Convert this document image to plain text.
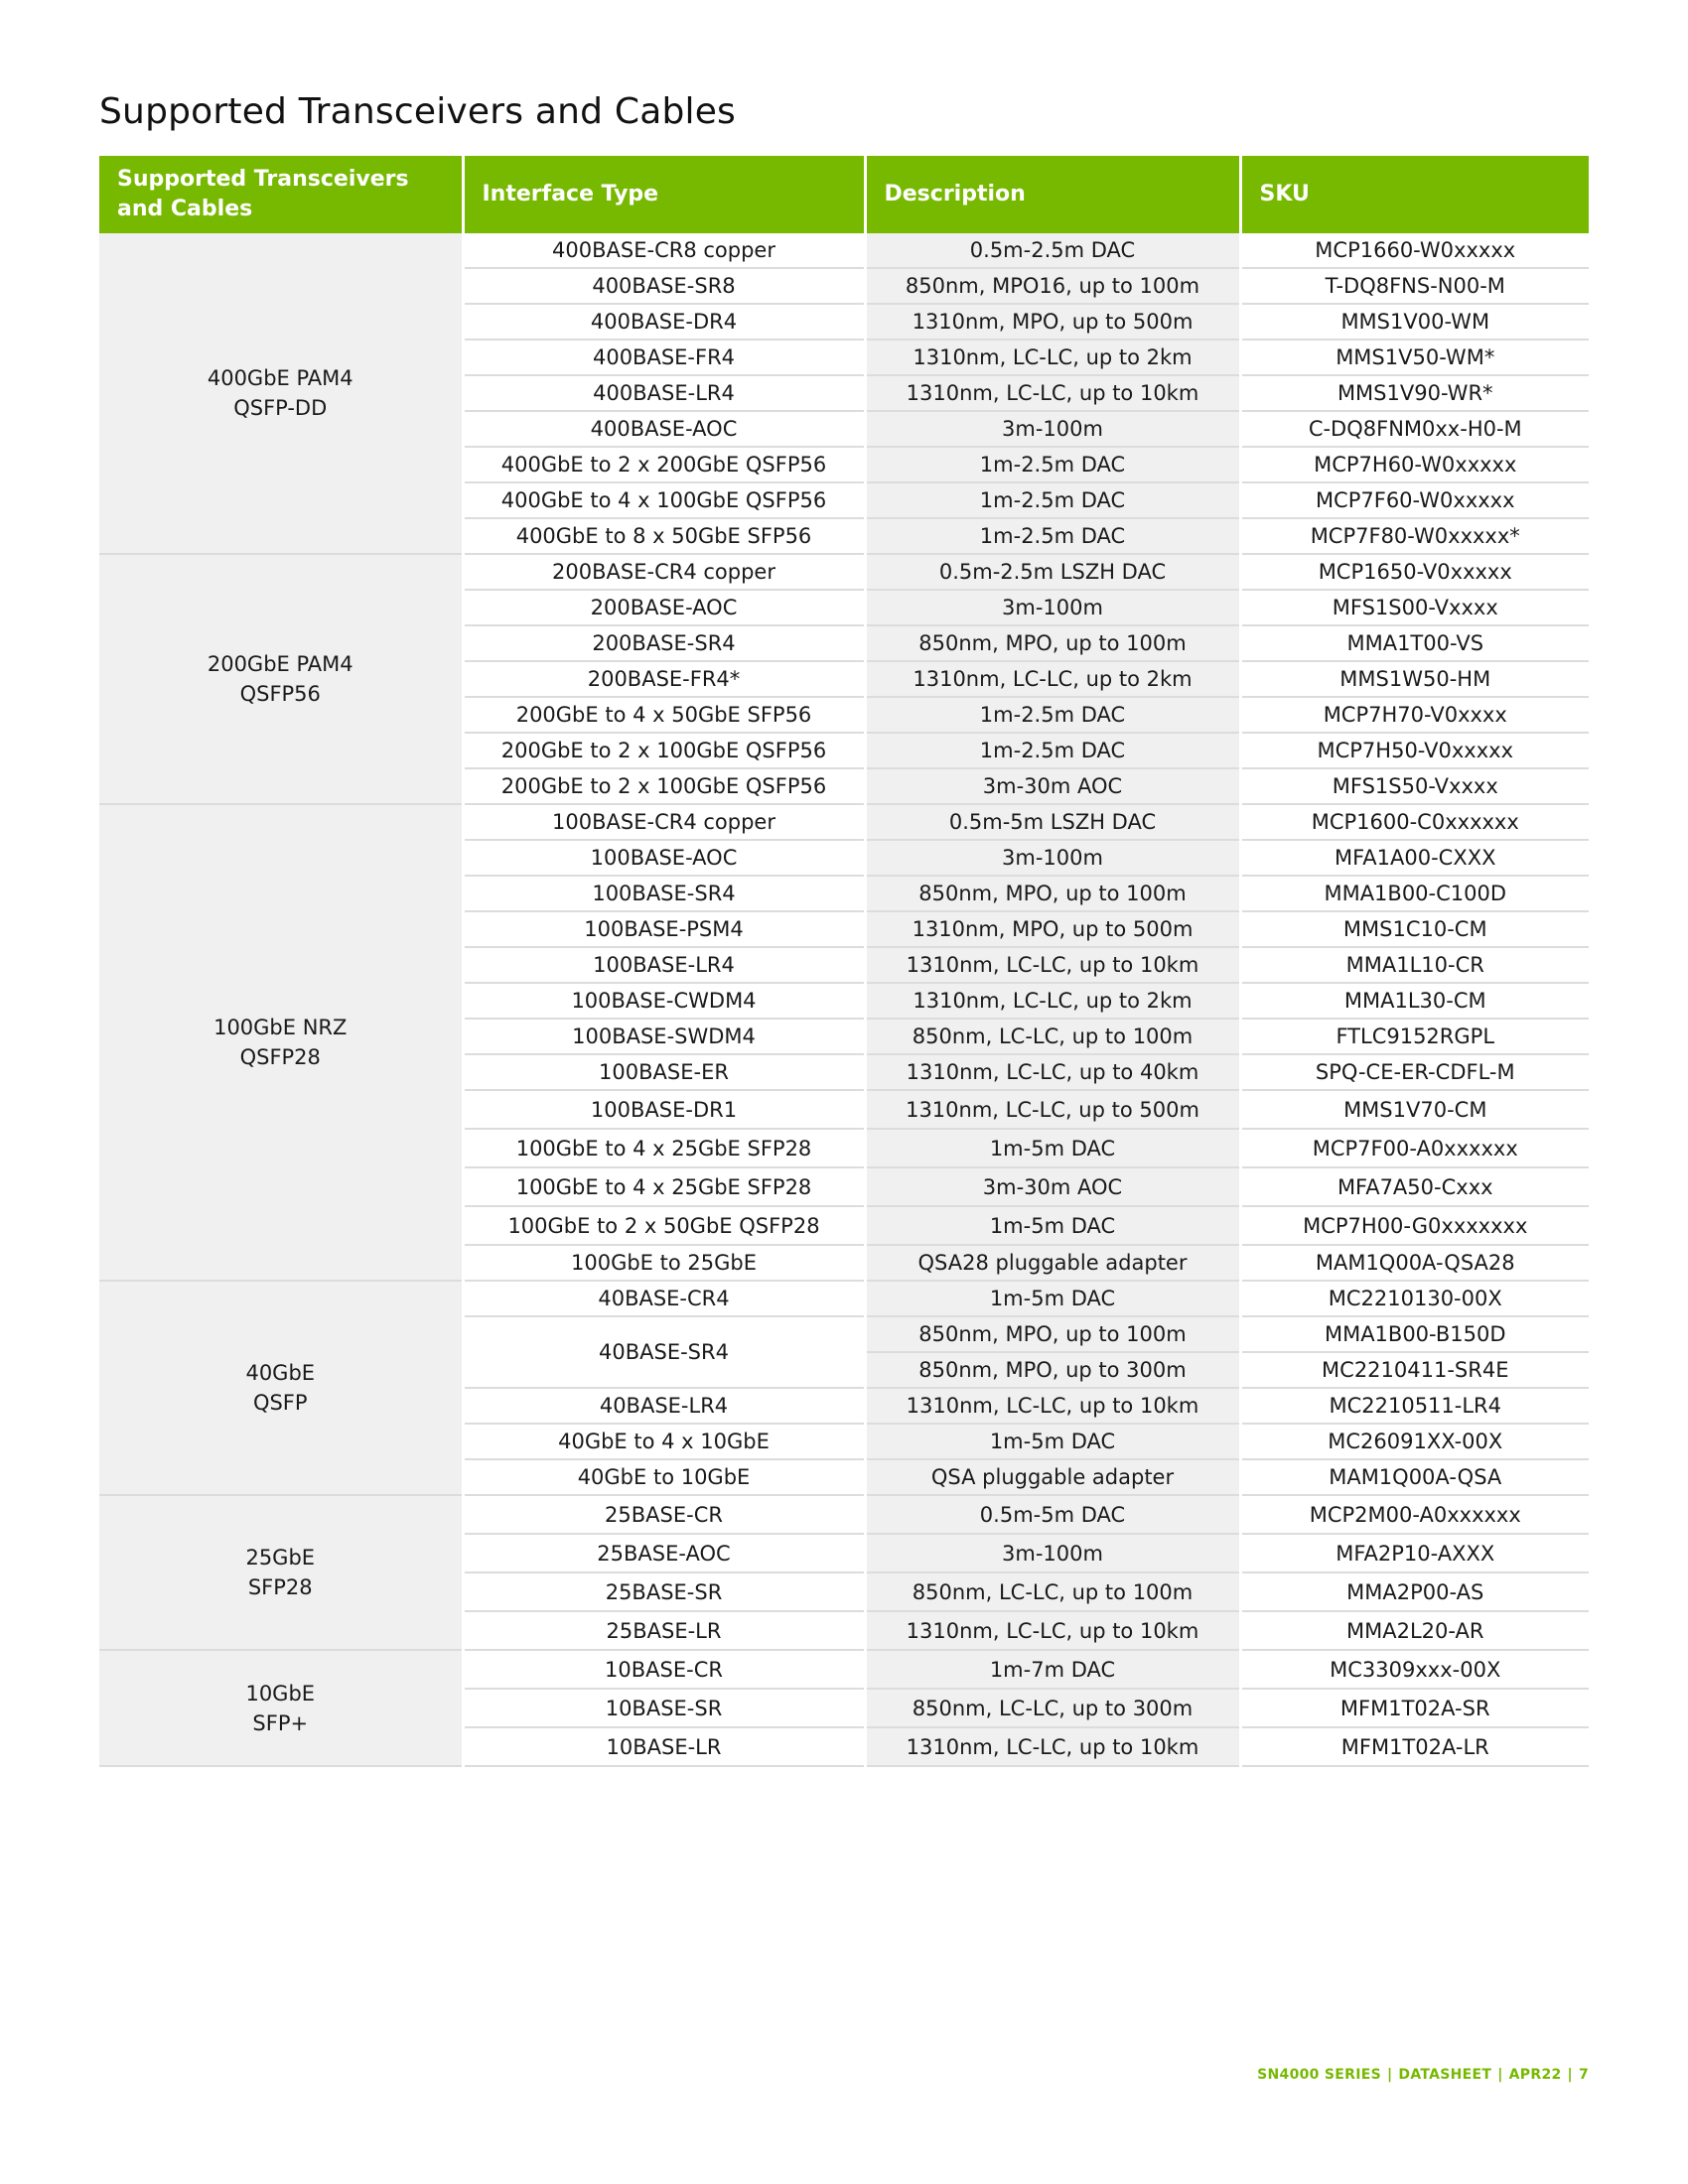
Supported Transceivers and Cables
Supported Transceivers
and Cables	Interface Type	Description	SKU

400GbE PAM4
QSFP-DD	400BASE-CR8 copper	0.5m-2.5m DAC	MCP1660-W0xxxxx
	400BASE-SR8	850nm, MPO16, up to 100m	T-DQ8FNS-N00-M
	400BASE-DR4	1310nm, MPO, up to 500m	MMS1V00-WM
	400BASE-FR4	1310nm, LC-LC, up to 2km	MMS1V50-WM*
	400BASE-LR4	1310nm, LC-LC, up to 10km	MMS1V90-WR*
	400BASE-AOC	3m-100m	C-DQ8FNM0xx-H0-M
	400GbE to 2 x 200GbE QSFP56	1m-2.5m DAC	MCP7H60-W0xxxxx
	400GbE to 4 x 100GbE QSFP56	1m-2.5m DAC	MCP7F60-W0xxxxx
	400GbE to 8 x 50GbE SFP56	1m-2.5m DAC	MCP7F80-W0xxxxx*

200GbE PAM4
QSFP56	200BASE-CR4 copper	0.5m-2.5m LSZH DAC	MCP1650-V0xxxxx
	200BASE-AOC	3m-100m	MFS1S00-Vxxxx
	200BASE-SR4	850nm, MPO, up to 100m	MMA1T00-VS
	200BASE-FR4*	1310nm, LC-LC, up to 2km	MMS1W50-HM
	200GbE to 4 x 50GbE SFP56	1m-2.5m DAC	MCP7H70-V0xxxx
	200GbE to 2 x 100GbE QSFP56	1m-2.5m DAC	MCP7H50-V0xxxxx
	200GbE to 2 x 100GbE QSFP56	3m-30m AOC	MFS1S50-Vxxxx

100GbE NRZ
QSFP28	100BASE-CR4 copper	0.5m-5m LSZH DAC	MCP1600-C0xxxxxx
	100BASE-AOC	3m-100m	MFA1A00-CXXX
	100BASE-SR4	850nm, MPO, up to 100m	MMA1B00-C100D
	100BASE-PSM4	1310nm, MPO, up to 500m	MMS1C10-CM
	100BASE-LR4	1310nm, LC-LC, up to 10km	MMA1L10-CR
	100BASE-CWDM4	1310nm, LC-LC, up to 2km	MMA1L30-CM
	100BASE-SWDM4	850nm, LC-LC, up to 100m	FTLC9152RGPL
	100BASE-ER	1310nm, LC-LC, up to 40km	SPQ-CE-ER-CDFL-M
	100BASE-DR1	1310nm, LC-LC, up to 500m	MMS1V70-CM
	100GbE to 4 x 25GbE SFP28	1m-5m DAC	MCP7F00-A0xxxxxx
	100GbE to 4 x 25GbE SFP28	3m-30m AOC	MFA7A50-Cxxx
	100GbE to 2 x 50GbE QSFP28	1m-5m DAC	MCP7H00-G0xxxxxxx
	100GbE to 25GbE	QSA28 pluggable adapter	MAM1Q00A-QSA28

40GbE
QSFP	40BASE-CR4	1m-5m DAC	MC2210130-00X
	40BASE-SR4	850nm, MPO, up to 100m	MMA1B00-B150D
		850nm, MPO, up to 300m	MC2210411-SR4E
	40BASE-LR4	1310nm, LC-LC, up to 10km	MC2210511-LR4
	40GbE to 4 x 10GbE	1m-5m DAC	MC26091XX-00X
	40GbE to 10GbE	QSA pluggable adapter	MAM1Q00A-QSA

25GbE
SFP28	25BASE-CR	0.5m-5m DAC	MCP2M00-A0xxxxxx
	25BASE-AOC	3m-100m	MFA2P10-AXXX
	25BASE-SR	850nm, LC-LC, up to 100m	MMA2P00-AS
	25BASE-LR	1310nm, LC-LC, up to 10km	MMA2L20-AR

10GbE
SFP+	10BASE-CR	1m-7m DAC	MC3309xxx-00X
	10BASE-SR	850nm, LC-LC, up to 300m	MFM1T02A-SR
	10BASE-LR	1310nm, LC-LC, up to 10km	MFM1T02A-LR
SN4000 SERIES | DATASHEET | APR22 | 7
